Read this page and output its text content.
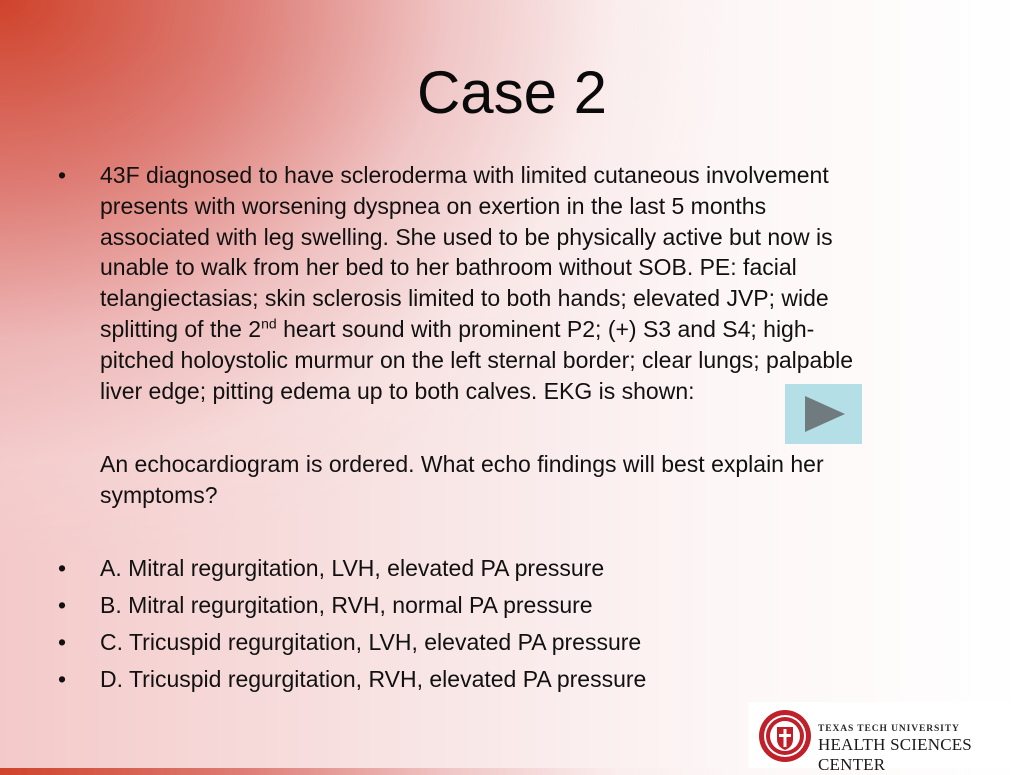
Case 2
• 43F diagnosed to have scleroderma with limited cutaneous involvement
presents with worsening dyspnea on exertion in the last 5 months
associated with leg swelling. She used to be physically active but now is
unable to walk from her bed to her bathroom without SOB. PE: facial
telangiectasias; skin sclerosis limited to both hands; elevated JVP; wide
splitting of the 2nd heart sound with prominent P2; (+) S3 and S4; high-
pitched holoystolic murmur on the left sternal border; clear lungs; palpable
liver edge; pitting edema up to both calves. EKG is shown:
An echocardiogram is ordered. What echo findings will best explain her
symptoms?
• A. Mitral regurgitation, LVH, elevated PA pressure
• B. Mitral regurgitation, RVH, normal PA pressure
• C. Tricuspid regurgitation, LVH, elevated PA pressure
• D. Tricuspid regurgitation, RVH, elevated PA pressure
TEXAS TECH UNIVERSITY
HEALTH SCIENCES CENTER
